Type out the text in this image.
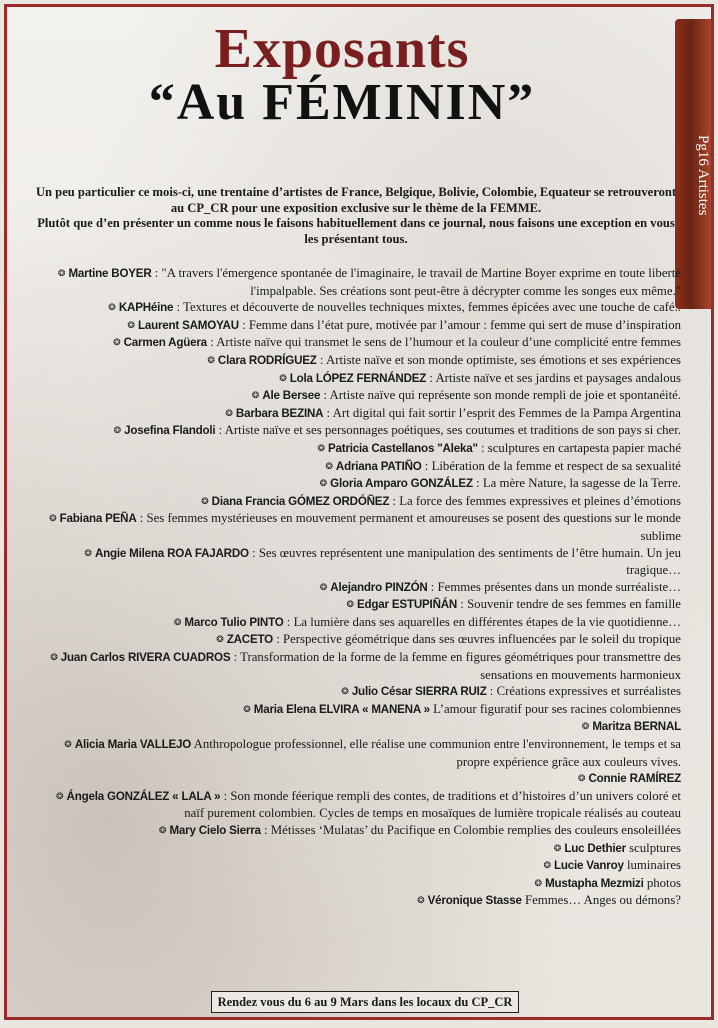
Exposants
“Au FÉMININ”
Pg16 Artistes

Un peu particulier ce mois-ci, une trentaine d’artistes de France, Belgique, Bolivie, Colombie, Equateur se retrouveront au CP_CR pour une exposition exclusive sur le thème de la FEMME.

Plutôt que d’en présenter un comme nous le faisons habituellement dans ce journal, nous faisons une exception en vous les présentant tous.

❂ Martine BOYER : "A travers l'émergence spontanée de l'imaginaire, le travail de Martine Boyer exprime en toute liberté l'impalpable. Ses créations sont peut-être à décrypter comme les songes eux même."
❂ KAPHéine : Textures et découverte de nouvelles techniques mixtes, femmes épicées avec une touche de café..
❂ Laurent SAMOYAU : Femme dans l’état pure, motivée par l’amour : femme qui sert de muse d’inspiration
❂ Carmen Agüera : Artiste naïve qui transmet le sens de l’humour et la couleur d’une complicité entre femmes
❂ Clara RODRÍGUEZ : Artiste naïve et son monde optimiste, ses émotions et ses expériences
❂ Lola LÓPEZ FERNÁNDEZ : Artiste naïve et ses jardins et paysages andalous
❂ Ale Bersee : Artiste naïve qui représente son monde rempli de joie et spontanéité.
❂ Barbara BEZINA : Art digital qui fait sortir l’esprit des Femmes de la Pampa Argentina
❂ Josefina Flandoli : Artiste naïve et ses personnages poétiques, ses coutumes et traditions de son pays si cher.
❂ Patricia Castellanos "Aleka" : sculptures en cartapesta papier maché
❂ Adriana PATIÑO : Libération de la femme et respect de sa sexualité
❂ Gloria Amparo GONZÁLEZ : La mère Nature, la sagesse de la Terre.
❂ Diana Francia GÓMEZ ORDÓÑEZ : La force des femmes expressives et pleines d’émotions
❂ Fabiana PEÑA : Ses femmes mystérieuses en mouvement permanent et amoureuses se posent des questions sur le monde sublime
❂ Angie Milena ROA FAJARDO : Ses œuvres représentent une manipulation des sentiments de l’être humain. Un jeu tragique…
❂ Alejandro PINZÓN : Femmes présentes dans un monde surréaliste…
❂ Edgar ESTUPIÑÁN : Souvenir tendre de ses femmes en famille
❂ Marco Tulio PINTO : La lumière dans ses aquarelles en différentes étapes de la vie quotidienne…
❂ ZACETO : Perspective géométrique dans ses œuvres influencées par le soleil du tropique
❂ Juan Carlos RIVERA CUADROS : Transformation de la forme de la femme en figures géométriques pour transmettre des sensations en mouvements harmonieux
❂ Julio César SIERRA RUIZ : Créations expressives et surréalistes
❂ Maria Elena ELVIRA « MANENA » L’amour figuratif pour ses racines colombiennes
❂ Maritza BERNAL
❂ Alicia Maria VALLEJO Anthropologue professionnel, elle réalise une communion entre l'environnement, le temps et sa propre expérience grâce aux couleurs vives.
❂ Connie RAMÍREZ
❂ Ángela GONZÁLEZ « LALA » : Son monde féerique rempli des contes, de traditions et d’histoires d’un univers coloré et naïf purement colombien. Cycles de temps en mosaïques de lumière tropicale réalisés au couteau
❂ Mary Cielo Sierra : Métisses ‘Mulatas’ du Pacifique en Colombie remplies des couleurs ensoleillées
❂ Luc Dethier sculptures
❂ Lucie Vanroy luminaires
❂ Mustapha Mezmizi photos
❂ Véronique Stasse Femmes… Anges ou démons?
Rendez vous du 6 au 9 Mars dans les locaux du CP_CR
